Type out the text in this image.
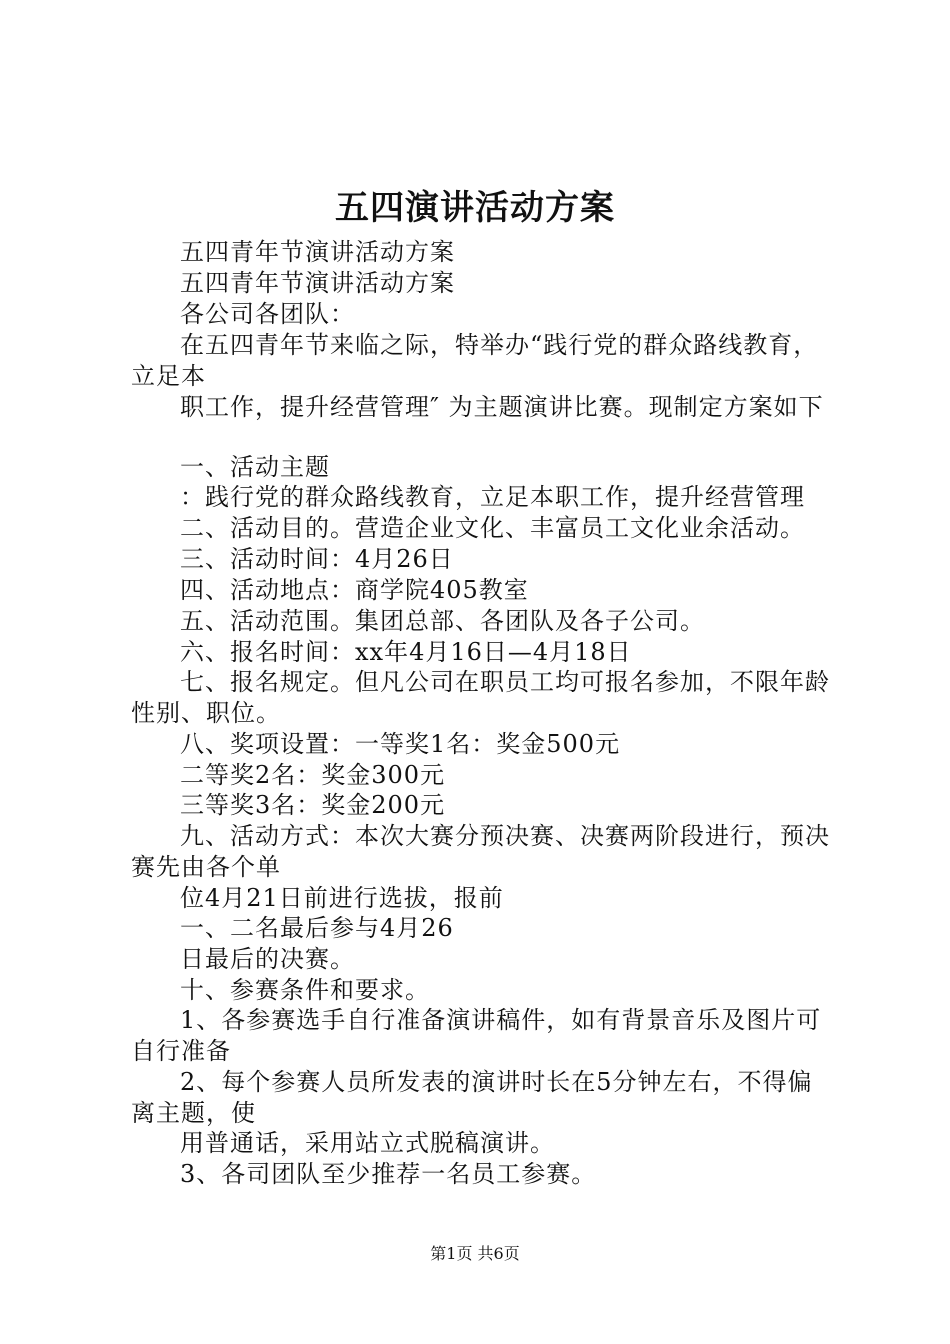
五四演讲活动方案
五四青年节演讲活动方案
五四青年节演讲活动方案
各公司各团队：
在五四青年节来临之际，特举办“践行党的群众路线教育，
立足本
职工作，提升经营管理″ 为主题演讲比赛。现制定方案如下
一、活动主题
：践行党的群众路线教育，立足本职工作，提升经营管理
二、活动目的。营造企业文化、丰富员工文化业余活动。
三、活动时间：4月26日
四、活动地点：商学院405教室
五、活动范围。集团总部、各团队及各子公司。
六、报名时间：xx年4月16日—4月18日
七、报名规定。但凡公司在职员工均可报名参加，不限年龄
性别、职位。
八、奖项设置：一等奖1名：奖金500元
二等奖2名：奖金300元
三等奖3名：奖金200元
九、活动方式：本次大赛分预决赛、决赛两阶段进行，预决
赛先由各个单
位4月21日前进行选拔，报前
一、二名最后参与4月26
日最后的决赛。
十、参赛条件和要求。
1、各参赛选手自行准备演讲稿件，如有背景音乐及图片可
自行准备
2、每个参赛人员所发表的演讲时长在5分钟左右，不得偏
离主题，使
用普通话，采用站立式脱稿演讲。
3、各司团队至少推荐一名员工参赛。
第1页 共6页
